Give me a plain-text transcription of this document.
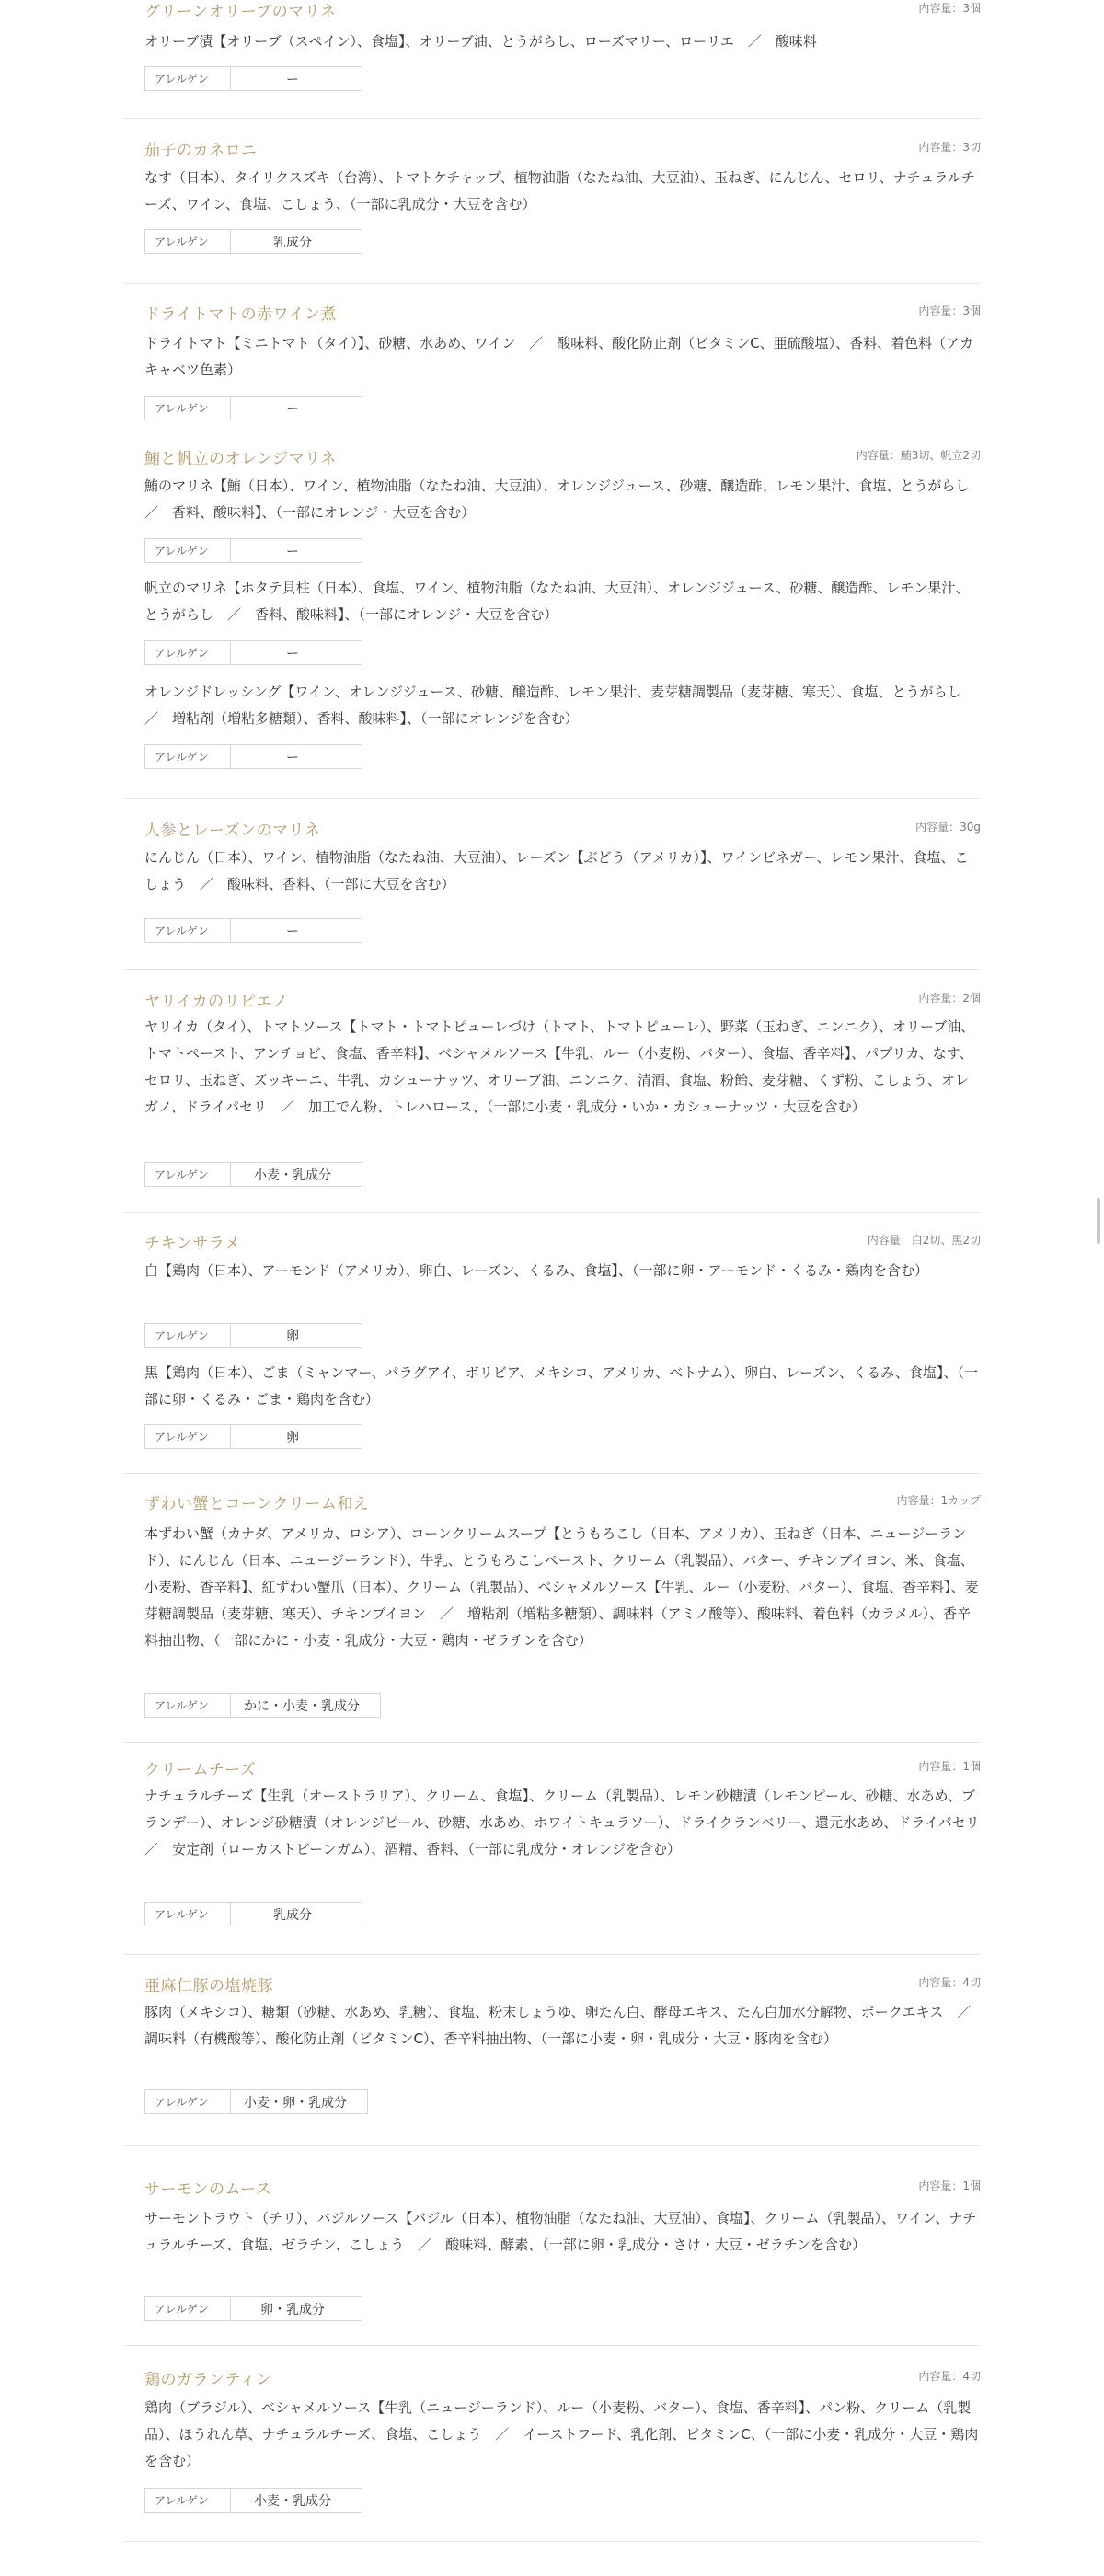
グリーンオリーブのマリネ	内容量：3個
オリーブ漬【オリーブ（スペイン）、食塩】、オリーブ油、とうがらし、ローズマリー、ローリエ　／　酸味料
アレルゲン	ー
茄子のカネロニ	内容量：3切
なす（日本）、タイリクスズキ（台湾）、トマトケチャップ、植物油脂（なたね油、大豆油）、玉ねぎ、にんじん、セロリ、ナチュラルチーズ、ワイン、食塩、こしょう、（一部に乳成分・大豆を含む）
アレルゲン	乳成分
ドライトマトの赤ワイン煮	内容量：3個
ドライトマト【ミニトマト（タイ）】、砂糖、水あめ、ワイン　／　酸味料、酸化防止剤（ビタミンC、亜硫酸塩）、香料、着色料（アカキャベツ色素）
アレルゲン	ー
鮪と帆立のオレンジマリネ	内容量：鮪3切、帆立2切
鮪のマリネ【鮪（日本）、ワイン、植物油脂（なたね油、大豆油）、オレンジジュース、砂糖、醸造酢、レモン果汁、食塩、とうがらし　／　香料、酸味料】、（一部にオレンジ・大豆を含む）
アレルゲン	ー
帆立のマリネ【ホタテ貝柱（日本）、食塩、ワイン、植物油脂（なたね油、大豆油）、オレンジジュース、砂糖、醸造酢、レモン果汁、とうがらし　／　香料、酸味料】、（一部にオレンジ・大豆を含む）
アレルゲン	ー
オレンジドレッシング【ワイン、オレンジジュース、砂糖、醸造酢、レモン果汁、麦芽糖調製品（麦芽糖、寒天）、食塩、とうがらし　／　増粘剤（増粘多糖類）、香料、酸味料】、（一部にオレンジを含む）
アレルゲン	ー
人参とレーズンのマリネ	内容量：30g
にんじん（日本）、ワイン、植物油脂（なたね油、大豆油）、レーズン【ぶどう（アメリカ）】、ワインビネガー、レモン果汁、食塩、こしょう　／　酸味料、香料、（一部に大豆を含む）
アレルゲン	ー
ヤリイカのリピエノ	内容量：2個
ヤリイカ（タイ）、トマトソース【トマト・トマトピューレづけ（トマト、トマトピューレ）、野菜（玉ねぎ、ニンニク）、オリーブ油、トマトペースト、アンチョビ、食塩、香辛料】、ベシャメルソース【牛乳、ルー（小麦粉、バター）、食塩、香辛料】、パプリカ、なす、セロリ、玉ねぎ、ズッキーニ、牛乳、カシューナッツ、オリーブ油、ニンニク、清酒、食塩、粉飴、麦芽糖、くず粉、こしょう、オレガノ、ドライパセリ　／　加工でん粉、トレハロース、（一部に小麦・乳成分・いか・カシューナッツ・大豆を含む）
アレルゲン	小麦・乳成分
チキンサラメ	内容量：白2切、黒2切
白【鶏肉（日本）、アーモンド（アメリカ）、卵白、レーズン、くるみ、食塩】、（一部に卵・アーモンド・くるみ・鶏肉を含む）
アレルゲン	卵
黒【鶏肉（日本）、ごま（ミャンマー、パラグアイ、ボリビア、メキシコ、アメリカ、ベトナム）、卵白、レーズン、くるみ、食塩】、（一部に卵・くるみ・ごま・鶏肉を含む）
アレルゲン	卵
ずわい蟹とコーンクリーム和え	内容量：1カップ
本ずわい蟹（カナダ、アメリカ、ロシア）、コーンクリームスープ【とうもろこし（日本、アメリカ）、玉ねぎ（日本、ニュージーランド）、にんじん（日本、ニュージーランド）、牛乳、とうもろこしペースト、クリーム（乳製品）、バター、チキンブイヨン、米、食塩、小麦粉、香辛料】、紅ずわい蟹爪（日本）、クリーム（乳製品）、ベシャメルソース【牛乳、ルー（小麦粉、バター）、食塩、香辛料】、麦芽糖調製品（麦芽糖、寒天）、チキンブイヨン　／　増粘剤（増粘多糖類）、調味料（アミノ酸等）、酸味料、着色料（カラメル）、香辛料抽出物、（一部にかに・小麦・乳成分・大豆・鶏肉・ゼラチンを含む）
アレルゲン	かに・小麦・乳成分
クリームチーズ	内容量：1個
ナチュラルチーズ【生乳（オーストラリア）、クリーム、食塩】、クリーム（乳製品）、レモン砂糖漬（レモンピール、砂糖、水あめ、ブランデー）、オレンジ砂糖漬（オレンジピール、砂糖、水あめ、ホワイトキュラソー）、ドライクランベリー、還元水あめ、ドライパセリ　／　安定剤（ローカストビーンガム）、酒精、香料、（一部に乳成分・オレンジを含む）
アレルゲン	乳成分
亜麻仁豚の塩焼豚	内容量：4切
豚肉（メキシコ）、糖類（砂糖、水あめ、乳糖）、食塩、粉末しょうゆ、卵たん白、酵母エキス、たん白加水分解物、ポークエキス　／　調味料（有機酸等）、酸化防止剤（ビタミンC）、香辛料抽出物、（一部に小麦・卵・乳成分・大豆・豚肉を含む）
アレルゲン	小麦・卵・乳成分
サーモンのムース	内容量：1個
サーモントラウト（チリ）、バジルソース【バジル（日本）、植物油脂（なたね油、大豆油）、食塩】、クリーム（乳製品）、ワイン、ナチュラルチーズ、食塩、ゼラチン、こしょう　／　酸味料、酵素、（一部に卵・乳成分・さけ・大豆・ゼラチンを含む）
アレルゲン	卵・乳成分
鶏のガランティン	内容量：4切
鶏肉（ブラジル）、ベシャメルソース【牛乳（ニュージーランド）、ルー（小麦粉、バター）、食塩、香辛料】、パン粉、クリーム（乳製品）、ほうれん草、ナチュラルチーズ、食塩、こしょう　／　イーストフード、乳化剤、ビタミンC、（一部に小麦・乳成分・大豆・鶏肉を含む）
アレルゲン	小麦・乳成分
